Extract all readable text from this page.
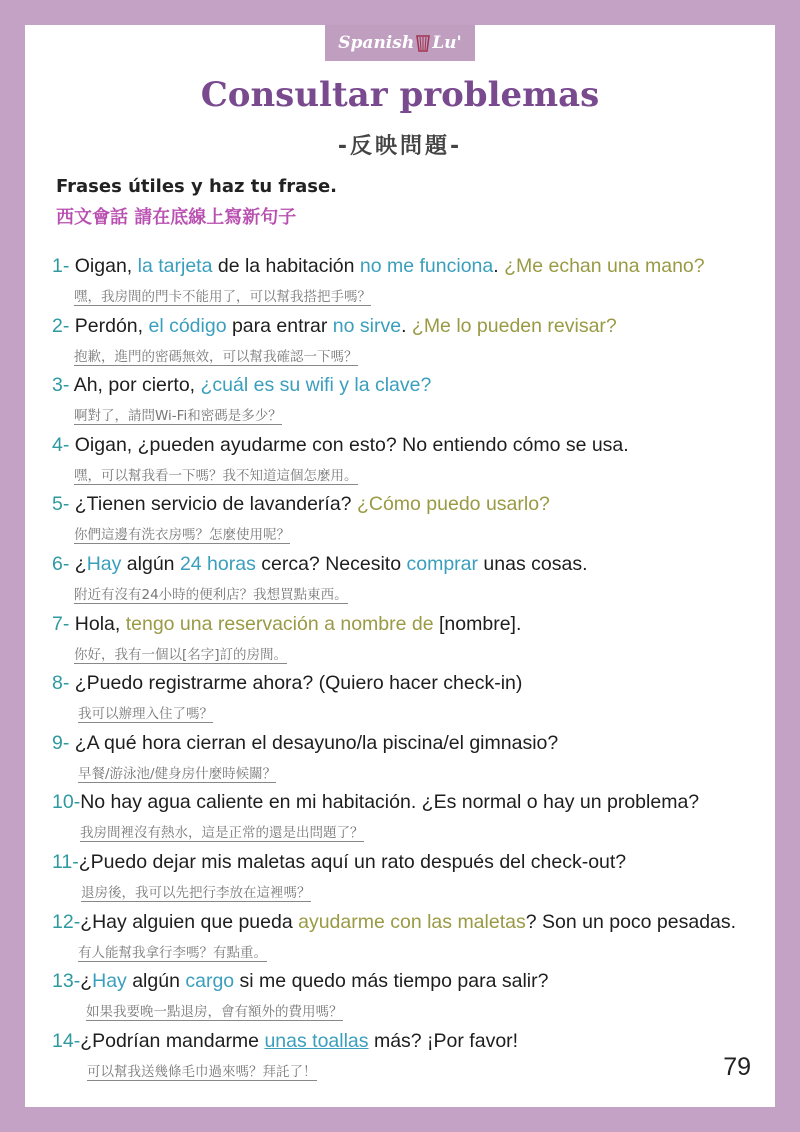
Spanish Lu'
Consultar problemas
-反映問題-
Frases útiles y haz tu frase.
西文會話 請在底線上寫新句子
1- Oigan, la tarjeta de la habitación no me funciona. ¿Me echan una mano?
嘿，我房間的門卡不能用了，可以幫我搭把手嗎？
2- Perdón, el código para entrar no sirve. ¿Me lo pueden revisar?
抱歉，進門的密碼無效，可以幫我確認一下嗎？
3- Ah, por cierto, ¿cuál es su wifi y la clave?
啊對了，請問Wi-Fi和密碼是多少？
4- Oigan, ¿pueden ayudarme con esto? No entiendo cómo se usa.
嘿，可以幫我看一下嗎？我不知道這個怎麼用。
5- ¿Tienen servicio de lavandería? ¿Cómo puedo usarlo?
你們這邊有洗衣房嗎？怎麼使用呢？
6- ¿Hay algún 24 horas cerca? Necesito comprar unas cosas.
附近有沒有24小時的便利店？我想買點東西。
7- Hola, tengo una reservación a nombre de [nombre].
你好，我有一個以[名字]訂的房間。
8- ¿Puedo registrarme ahora? (Quiero hacer check-in)
我可以辦理入住了嗎？
9- ¿A qué hora cierran el desayuno/la piscina/el gimnasio?
早餐/游泳池/健身房什麼時候關？
10-No hay agua caliente en mi habitación. ¿Es normal o hay un problema?
我房間裡沒有熱水，這是正常的還是出問題了？
11-¿Puedo dejar mis maletas aquí un rato después del check-out?
退房後，我可以先把行李放在這裡嗎？
12-¿Hay alguien que pueda ayudarme con las maletas? Son un poco pesadas.
有人能幫我拿行李嗎？有點重。
13-¿Hay algún cargo si me quedo más tiempo para salir?
如果我要晚一點退房，會有額外的費用嗎？
14-¿Podrían mandarme unas toallas más? ¡Por favor!
可以幫我送幾條毛巾過來嗎？拜託了！	79
